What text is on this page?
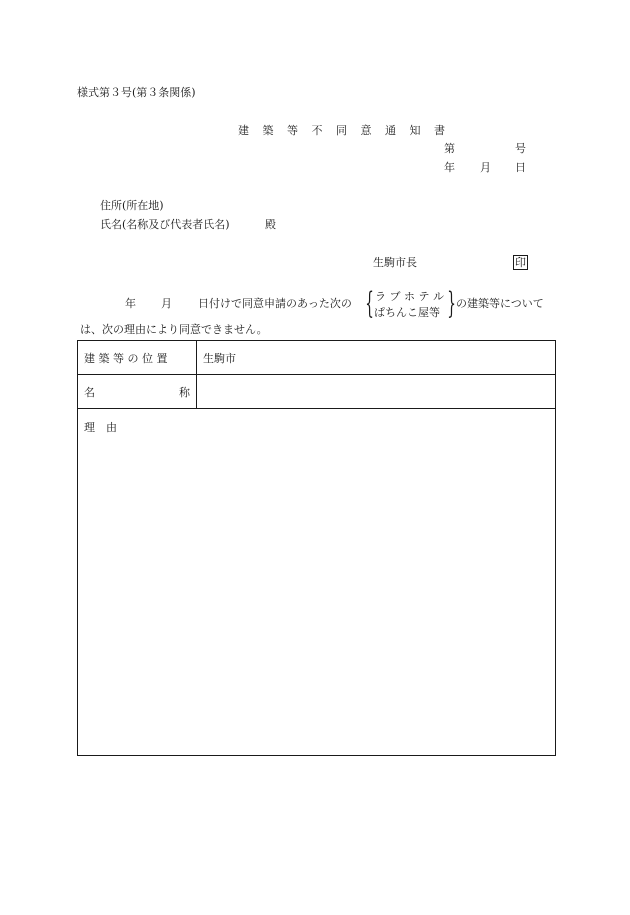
様式第３号(第３条関係)
建 築 等 不 同 意 通 知 書
第	号
年 月 日
住所(所在地)
氏名(名称及び代表者氏名)	殿
生駒市長	印
年 月 日付けで同意申請のあった次の { ラ ブ ホ テ ル
ぱちんこ屋等 } の建築等について
は、次の理由により同意できません。
建 築 等 の 位 置	生駒市

名 称	

理　由	
